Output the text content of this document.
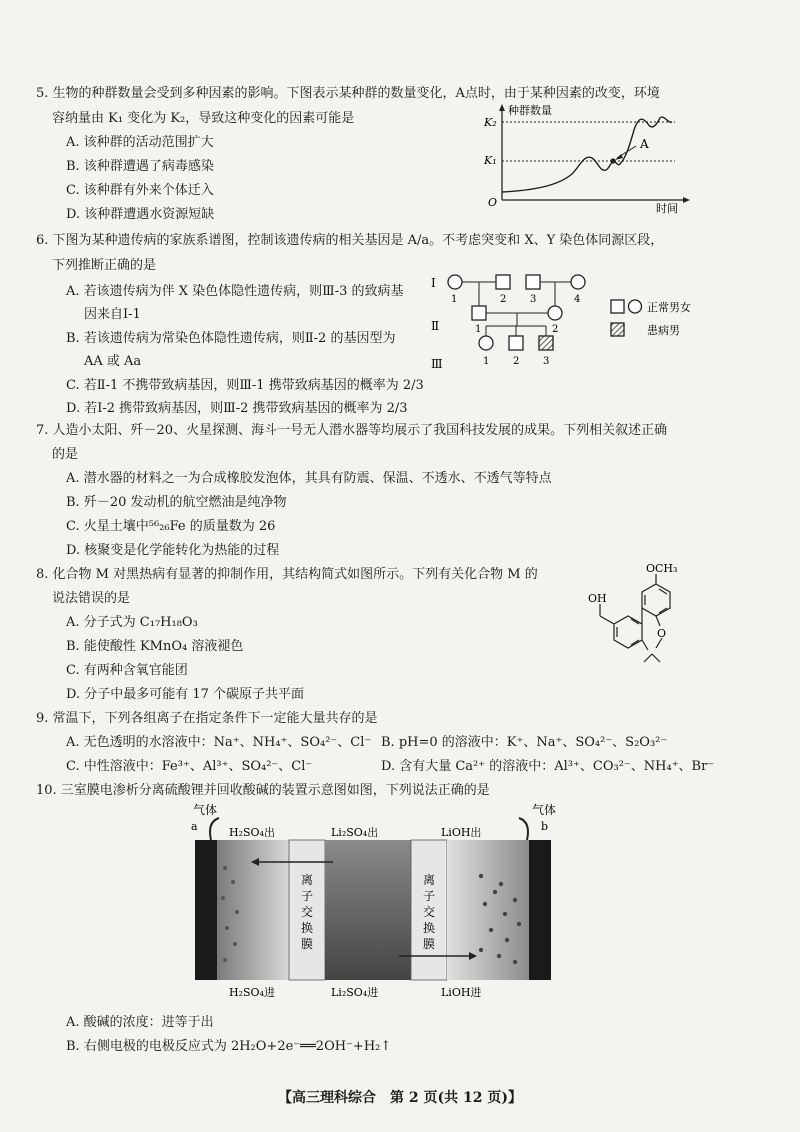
5. 生物的种群数量会受到多种因素的影响。下图表示某种群的数量变化，A点时，由于某种因素的改变，环境
容纳量由 K₁ 变化为 K₂，导致这种变化的因素可能是
A. 该种群的活动范围扩大
B. 该种群遭遇了病毒感染
C. 该种群有外来个体迁入
D. 该种群遭遇水资源短缺
种群数量
时间
O
K₂
K₁
A
6. 下图为某种遗传病的家族系谱图，控制该遗传病的相关基因是 A/a。不考虑突变和 X、Y 染色体同源区段，
下列推断正确的是
A. 若该遗传病为伴 X 染色体隐性遗传病，则Ⅲ-3 的致病基
因来自Ⅰ-1
B. 若该遗传病为常染色体隐性遗传病，则Ⅱ-2 的基因型为
AA 或 Aa
C. 若Ⅱ-1 不携带致病基因，则Ⅲ-1 携带致病基因的概率为 2/3
D. 若Ⅰ-2 携带致病基因，则Ⅲ-2 携带致病基因的概率为 2/3
Ⅰ
Ⅱ
Ⅲ
1	2 3	4
1	2
1 2 3
正常男女
患病男
7. 人造小太阳、歼－20、火星探测、海斗一号无人潜水器等均展示了我国科技发展的成果。下列相关叙述正确
的是
A. 潜水器的材料之一为合成橡胶发泡体，其具有防震、保温、不透水、不透气等特点
B. 歼－20 发动机的航空燃油是纯净物
C. 火星土壤中⁵⁶₂₆Fe 的质量数为 26
D. 核聚变是化学能转化为热能的过程
8. 化合物 M 对黑热病有显著的抑制作用，其结构简式如图所示。下列有关化合物 M 的
说法错误的是
A. 分子式为 C₁₇H₁₈O₃
B. 能使酸性 KMnO₄ 溶液褪色
C. 有两种含氧官能团
D. 分子中最多可能有 17 个碳原子共平面
OCH₃
OH
O
9. 常温下，下列各组离子在指定条件下一定能大量共存的是
A. 无色透明的水溶液中：Na⁺、NH₄⁺、SO₄²⁻、Cl⁻ B. pH=0 的溶液中：K⁺、Na⁺、SO₄²⁻、S₂O₃²⁻
C. 中性溶液中：Fe³⁺、Al³⁺、SO₄²⁻、Cl⁻	D. 含有大量 Ca²⁺ 的溶液中：Al³⁺、CO₃²⁻、NH₄⁺、Br⁻
10. 三室膜电渗析分离硫酸锂并回收酸碱的装置示意图如图，下列说法正确的是
气体
a
气体
b
H₂SO₄出	Li₂SO₄出	LiOH出
离
子
交
换
膜
离
子
交
换
膜
H₂SO₄进	Li₂SO₄进	LiOH进
A. 酸碱的浓度：进等于出
B. 右侧电极的电极反应式为 2H₂O+2e⁻══2OH⁻+H₂↑
【高三理科综合　第 2 页(共 12 页)】
